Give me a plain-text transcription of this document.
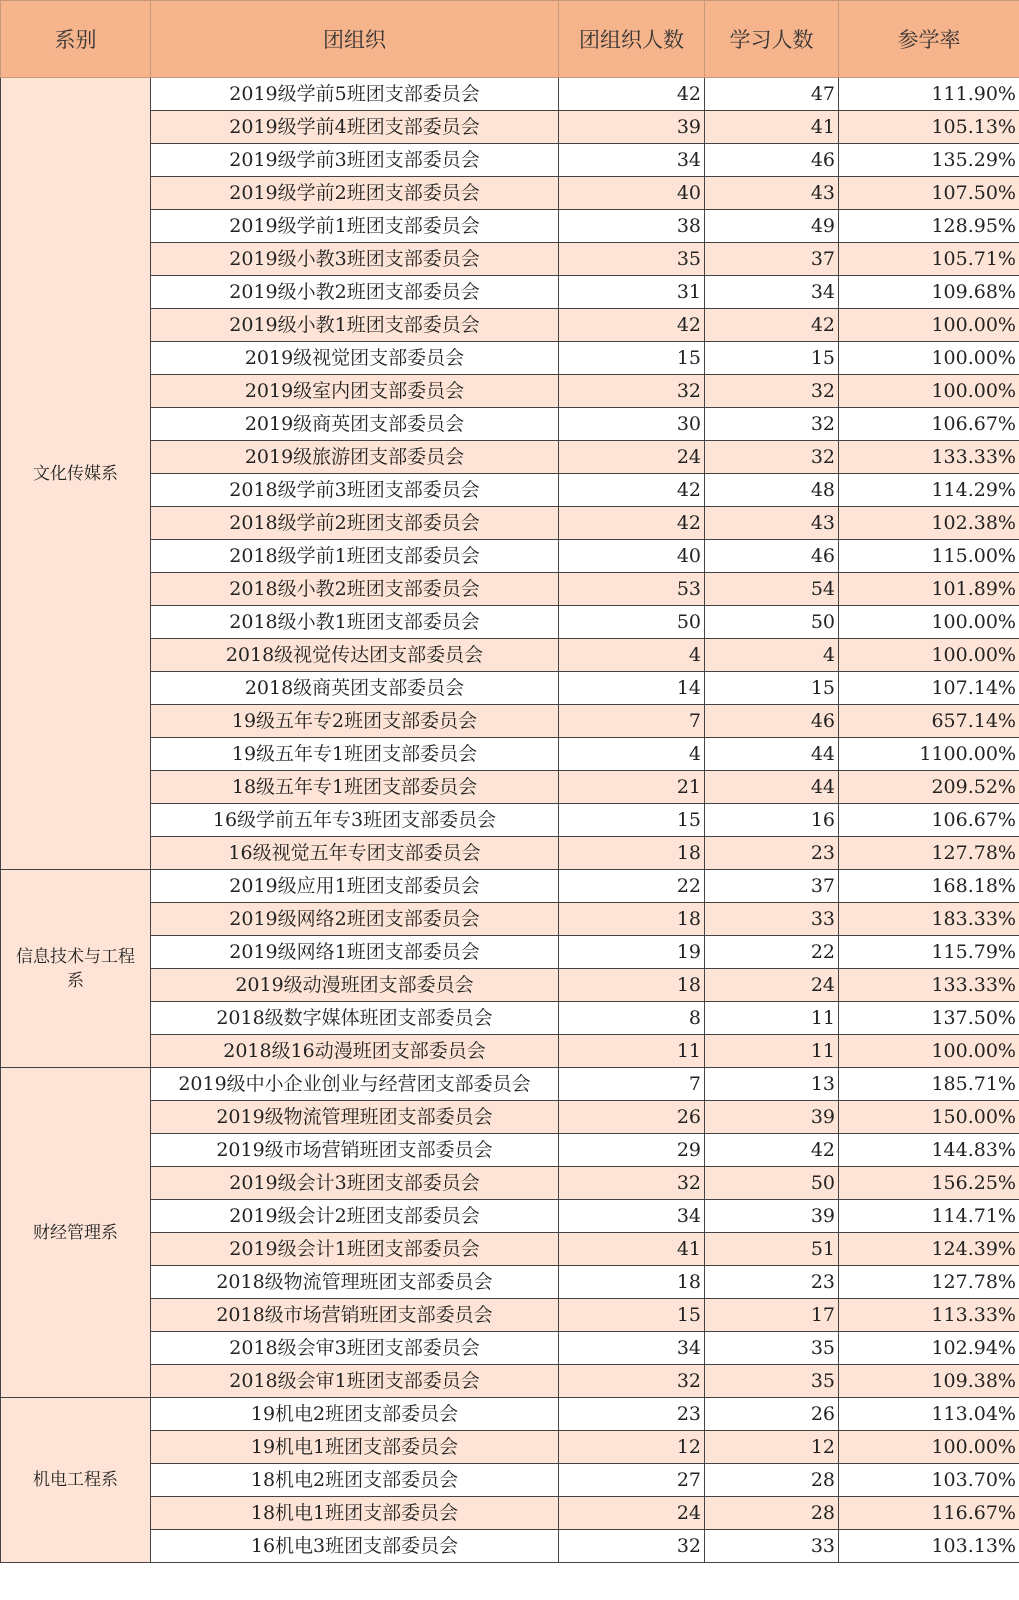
系别	团组织	团组织人数	学习人数	参学率
文化传媒系	2019级学前5班团支部委员会	42	47	111.90%
	2019级学前4班团支部委员会	39	41	105.13%
	2019级学前3班团支部委员会	34	46	135.29%
	2019级学前2班团支部委员会	40	43	107.50%
	2019级学前1班团支部委员会	38	49	128.95%
	2019级小教3班团支部委员会	35	37	105.71%
	2019级小教2班团支部委员会	31	34	109.68%
	2019级小教1班团支部委员会	42	42	100.00%
	2019级视觉团支部委员会	15	15	100.00%
	2019级室内团支部委员会	32	32	100.00%
	2019级商英团支部委员会	30	32	106.67%
	2019级旅游团支部委员会	24	32	133.33%
	2018级学前3班团支部委员会	42	48	114.29%
	2018级学前2班团支部委员会	42	43	102.38%
	2018级学前1班团支部委员会	40	46	115.00%
	2018级小教2班团支部委员会	53	54	101.89%
	2018级小教1班团支部委员会	50	50	100.00%
	2018级视觉传达团支部委员会	4	4	100.00%
	2018级商英团支部委员会	14	15	107.14%
	19级五年专2班团支部委员会	7	46	657.14%
	19级五年专1班团支部委员会	4	44	1100.00%
	18级五年专1班团支部委员会	21	44	209.52%
	16级学前五年专3班团支部委员会	15	16	106.67%
	16级视觉五年专团支部委员会	18	23	127.78%
信息技术与工程系	2019级应用1班团支部委员会	22	37	168.18%
	2019级网络2班团支部委员会	18	33	183.33%
	2019级网络1班团支部委员会	19	22	115.79%
	2019级动漫班团支部委员会	18	24	133.33%
	2018级数字媒体班团支部委员会	8	11	137.50%
	2018级16动漫班团支部委员会	11	11	100.00%
财经管理系	2019级中小企业创业与经营团支部委员会	7	13	185.71%
	2019级物流管理班团支部委员会	26	39	150.00%
	2019级市场营销班团支部委员会	29	42	144.83%
	2019级会计3班团支部委员会	32	50	156.25%
	2019级会计2班团支部委员会	34	39	114.71%
	2019级会计1班团支部委员会	41	51	124.39%
	2018级物流管理班团支部委员会	18	23	127.78%
	2018级市场营销班团支部委员会	15	17	113.33%
	2018级会审3班团支部委员会	34	35	102.94%
	2018级会审1班团支部委员会	32	35	109.38%
机电工程系	19机电2班团支部委员会	23	26	113.04%
	19机电1班团支部委员会	12	12	100.00%
	18机电2班团支部委员会	27	28	103.70%
	18机电1班团支部委员会	24	28	116.67%
	16机电3班团支部委员会	32	33	103.13%
